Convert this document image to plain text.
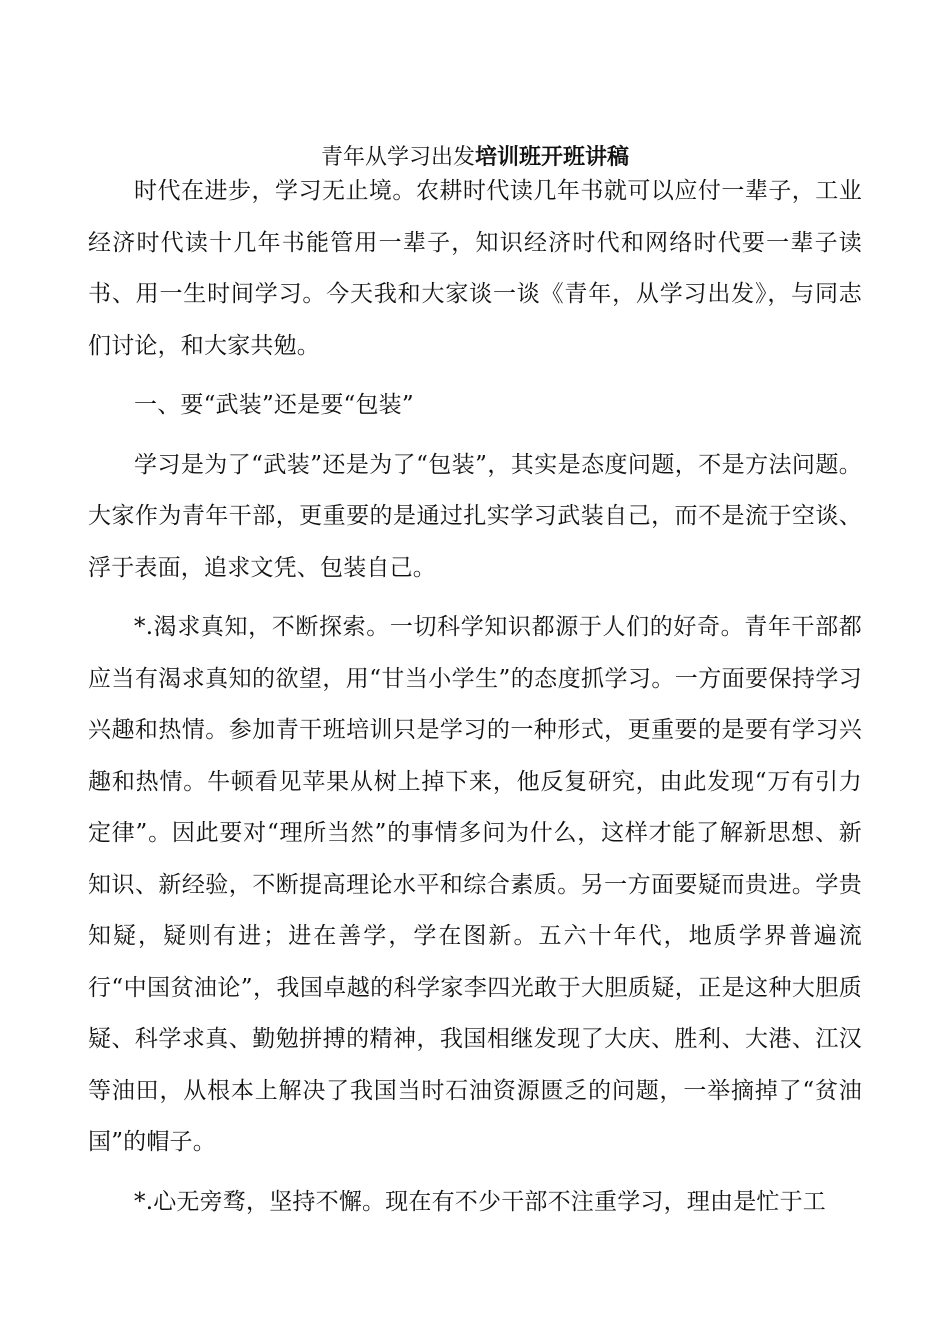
青年从学习出发培训班开班讲稿

时代在进步，学习无止境。农耕时代读几年书就可以应付一辈子，工业经济时代读十几年书能管用一辈子，知识经济时代和网络时代要一辈子读书、用一生时间学习。今天我和大家谈一谈《青年，从学习出发》，与同志们讨论，和大家共勉。

一、要“武装”还是要“包装”

学习是为了“武装”还是为了“包装”，其实是态度问题，不是方法问题。大家作为青年干部，更重要的是通过扎实学习武装自己，而不是流于空谈、浮于表面，追求文凭、包装自己。

*.渴求真知，不断探索。一切科学知识都源于人们的好奇。青年干部都应当有渴求真知的欲望，用“甘当小学生”的态度抓学习。一方面要保持学习兴趣和热情。参加青干班培训只是学习的一种形式，更重要的是要有学习兴趣和热情。牛顿看见苹果从树上掉下来，他反复研究，由此发现“万有引力定律”。因此要对“理所当然”的事情多问为什么，这样才能了解新思想、新知识、新经验，不断提高理论水平和综合素质。另一方面要疑而贵进。学贵知疑，疑则有进；进在善学，学在图新。五六十年代，地质学界普遍流行“中国贫油论”，我国卓越的科学家李四光敢于大胆质疑，正是这种大胆质疑、科学求真、勤勉拼搏的精神，我国相继发现了大庆、胜利、大港、江汉等油田，从根本上解决了我国当时石油资源匮乏的问题，一举摘掉了“贫油国”的帽子。

*.心无旁骛，坚持不懈。现在有不少干部不注重学习，理由是忙于工
